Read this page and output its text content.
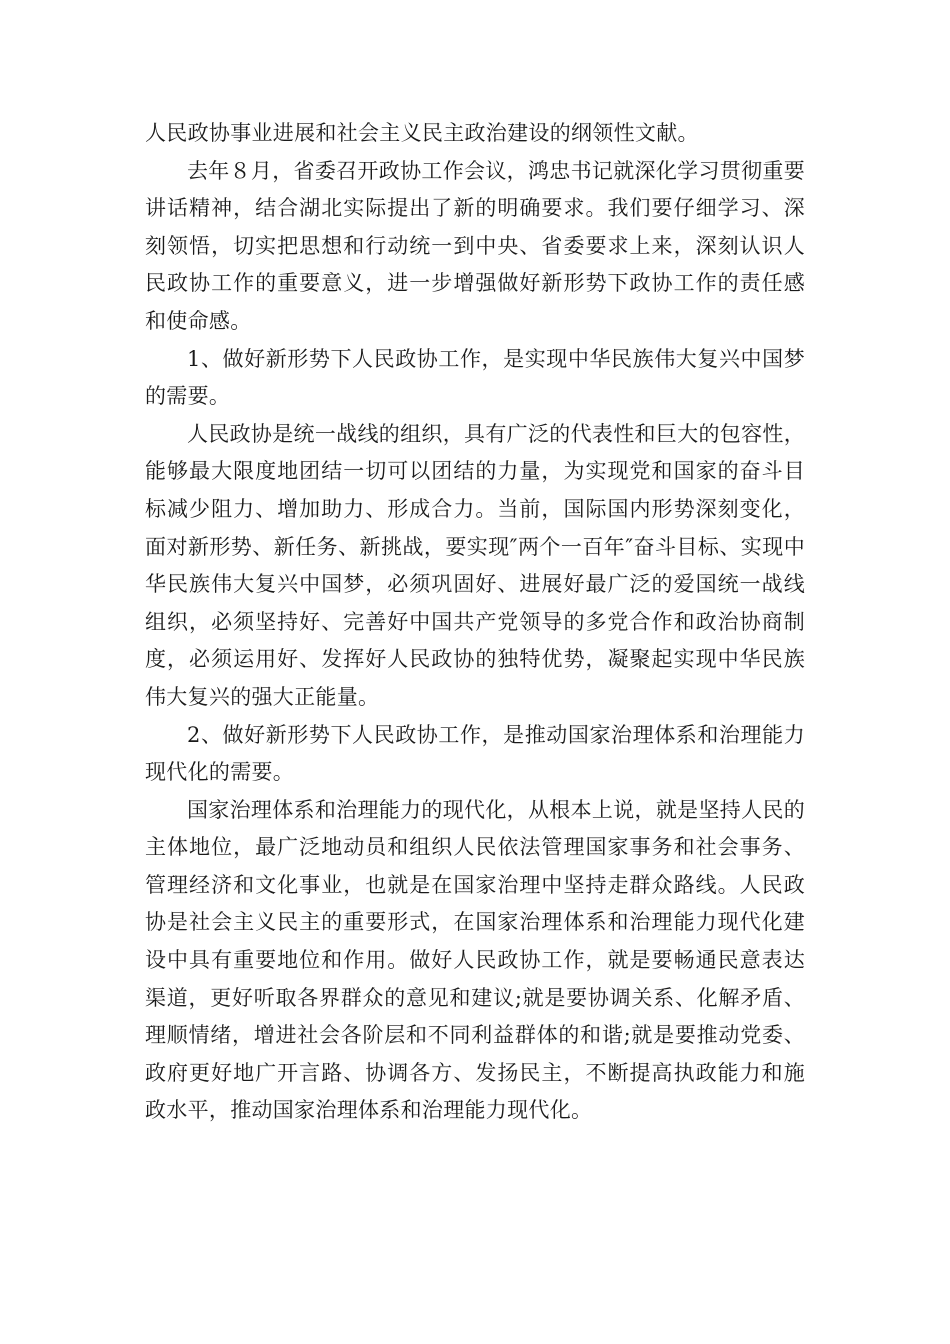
人民政协事业进展和社会主义民主政治建设的纲领性文献。

去年８月，省委召开政协工作会议，鸿忠书记就深化学习贯彻重要讲话精神，结合湖北实际提出了新的明确要求。我们要仔细学习、深刻领悟，切实把思想和行动统一到中央、省委要求上来，深刻认识人民政协工作的重要意义，进一步增强做好新形势下政协工作的责任感和使命感。

1、做好新形势下人民政协工作，是实现中华民族伟大复兴中国梦的需要。

人民政协是统一战线的组织，具有广泛的代表性和巨大的包容性，能够最大限度地团结一切可以团结的力量，为实现党和国家的奋斗目标减少阻力、增加助力、形成合力。当前，国际国内形势深刻变化，面对新形势、新任务、新挑战，要实现″两个一百年″奋斗目标、实现中华民族伟大复兴中国梦，必须巩固好、进展好最广泛的爱国统一战线组织，必须坚持好、完善好中国共产党领导的多党合作和政治协商制度，必须运用好、发挥好人民政协的独特优势，凝聚起实现中华民族伟大复兴的强大正能量。

2、做好新形势下人民政协工作，是推动国家治理体系和治理能力现代化的需要。

国家治理体系和治理能力的现代化，从根本上说，就是坚持人民的主体地位，最广泛地动员和组织人民依法管理国家事务和社会事务、管理经济和文化事业，也就是在国家治理中坚持走群众路线。人民政协是社会主义民主的重要形式，在国家治理体系和治理能力现代化建设中具有重要地位和作用。做好人民政协工作，就是要畅通民意表达渠道，更好听取各界群众的意见和建议;就是要协调关系、化解矛盾、理顺情绪，增进社会各阶层和不同利益群体的和谐;就是要推动党委、政府更好地广开言路、协调各方、发扬民主，不断提高执政能力和施政水平，推动国家治理体系和治理能力现代化。
